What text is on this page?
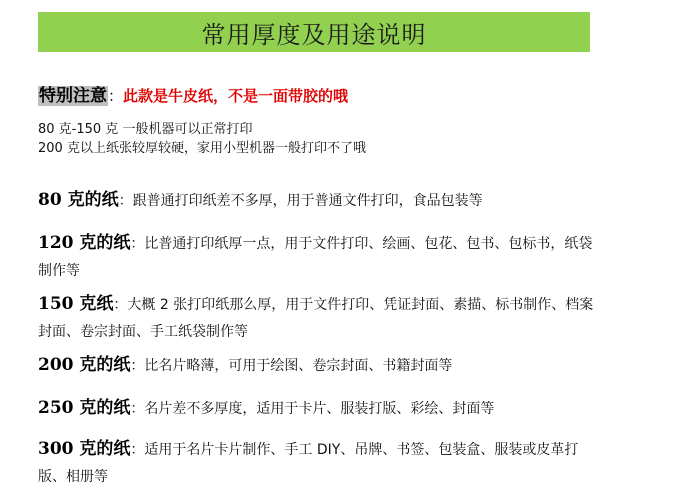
常用厚度及用途说明
特别注意：此款是牛皮纸，不是一面带胶的哦
80 克-150 克 一般机器可以正常打印
200 克以上纸张较厚较硬，家用小型机器一般打印不了哦
80 克的纸：跟普通打印纸差不多厚，用于普通文件打印，食品包装等
120 克的纸：比普通打印纸厚一点，用于文件打印、绘画、包花、包书、包标书，纸袋制作等
150 克纸：大概 2 张打印纸那么厚，用于文件打印、凭证封面、素描、标书制作、档案封面、卷宗封面、手工纸袋制作等
200 克的纸：比名片略薄，可用于绘图、卷宗封面、书籍封面等
250 克的纸：名片差不多厚度，适用于卡片、服装打版、彩绘、封面等
300 克的纸：适用于名片卡片制作、手工 DIY、吊牌、书签、包装盒、服装或皮革打版、相册等
